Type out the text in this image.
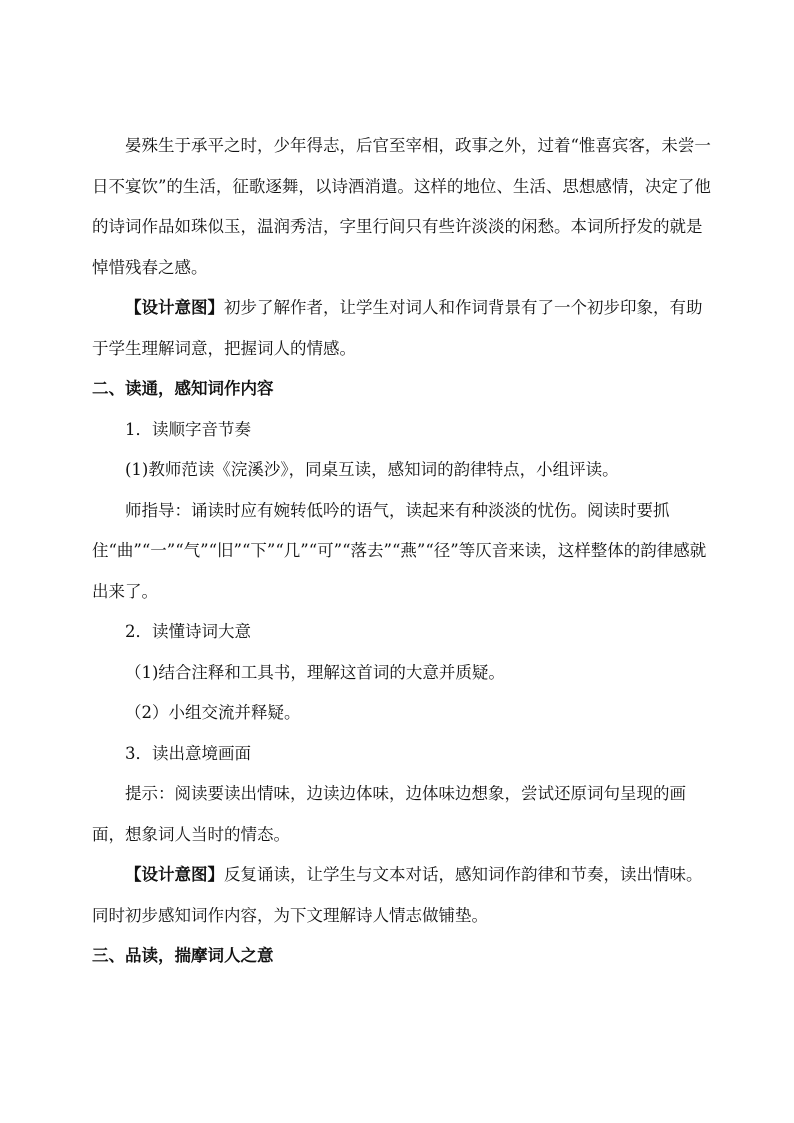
晏殊生于承平之时，少年得志，后官至宰相，政事之外，过着“惟喜宾客，未尝一日不宴饮”的生活，征歌逐舞，以诗酒消遣。这样的地位、生活、思想感情，决定了他的诗词作品如珠似玉，温润秀洁，字里行间只有些许淡淡的闲愁。本词所抒发的就是悼惜残春之感。

【设计意图】初步了解作者，让学生对词人和作词背景有了一个初步印象，有助于学生理解词意，把握词人的情感。

二、读通，感知词作内容

1．读顺字音节奏

(1)教师范读《浣溪沙》，同桌互读，感知词的韵律特点，小组评读。

师指导：诵读时应有婉转低吟的语气，读起来有种淡淡的忧伤。阅读时要抓住“曲”“一”“气”“旧”“下”“几”“可”“落去”“燕”“径”等仄音来读，这样整体的韵律感就出来了。

2．读懂诗词大意

（1)结合注释和工具书，理解这首词的大意并质疑。

（2）小组交流并释疑。

3．读出意境画面

提示：阅读要读出情味，边读边体味，边体味边想象，尝试还原词句呈现的画面，想象词人当时的情态。

【设计意图】反复诵读，让学生与文本对话，感知词作韵律和节奏，读出情味。同时初步感知词作内容，为下文理解诗人情志做铺垫。

三、品读，揣摩词人之意
